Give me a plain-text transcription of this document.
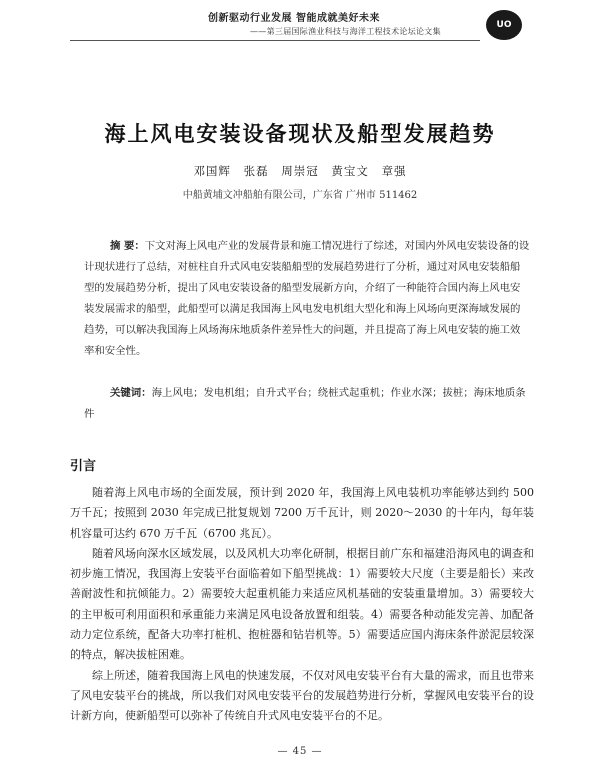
创新驱动行业发展 智能成就美好未来
——第三届国际渔业科技与海洋工程技术论坛论文集
UO
海上风电安装设备现状及船型发展趋势
邓国辉 张磊 周崇冠 黄宝文 章强
中船黄埔文冲船舶有限公司，广东省 广州市 511462
摘 要：下文对海上风电产业的发展背景和施工情况进行了综述，对国内外风电安装设备的设计现状进行了总结，对桩柱自升式风电安装船船型的发展趋势进行了分析，通过对风电安装船船型的发展趋势分析，提出了风电安装设备的船型发展新方向，介绍了一种能符合国内海上风电安装发展需求的船型，此船型可以满足我国海上风电发电机组大型化和海上风场向更深海域发展的趋势，可以解决我国海上风场海床地质条件差异性大的问题，并且提高了海上风电安装的施工效率和安全性。
关键词：海上风电；发电机组；自升式平台；绕桩式起重机；作业水深；拔桩；海床地质条件
引言

随着海上风电市场的全面发展，预计到 2020 年，我国海上风电装机功率能够达到约 500 万千瓦；按照到 2030 年完成已批复规划 7200 万千瓦计，则 2020～2030 的十年内，每年装机容量可达约 670 万千瓦（6700 兆瓦）。

随着风场向深水区域发展，以及风机大功率化研制，根据目前广东和福建沿海风电的调查和初步施工情况，我国海上安装平台面临着如下船型挑战：1）需要较大尺度（主要是船长）来改善耐波性和抗倾能力。2）需要较大起重机能力来适应风机基础的安装重量增加。3）需要较大的主甲板可利用面积和承重能力来满足风电设备放置和组装。4）需要各种动能发完善、加配备动力定位系统，配备大功率打桩机、抱桩器和钻岩机等。5）需要适应国内海床条件淤泥层较深的特点，解决拔桩困难。

综上所述，随着我国海上风电的快速发展，不仅对风电安装平台有大量的需求，而且也带来了风电安装平台的挑战，所以我们对风电安装平台的发展趋势进行分析，掌握风电安装平台的设计新方向，使新船型可以弥补了传统自升式风电安装平台的不足。

— 45 —
